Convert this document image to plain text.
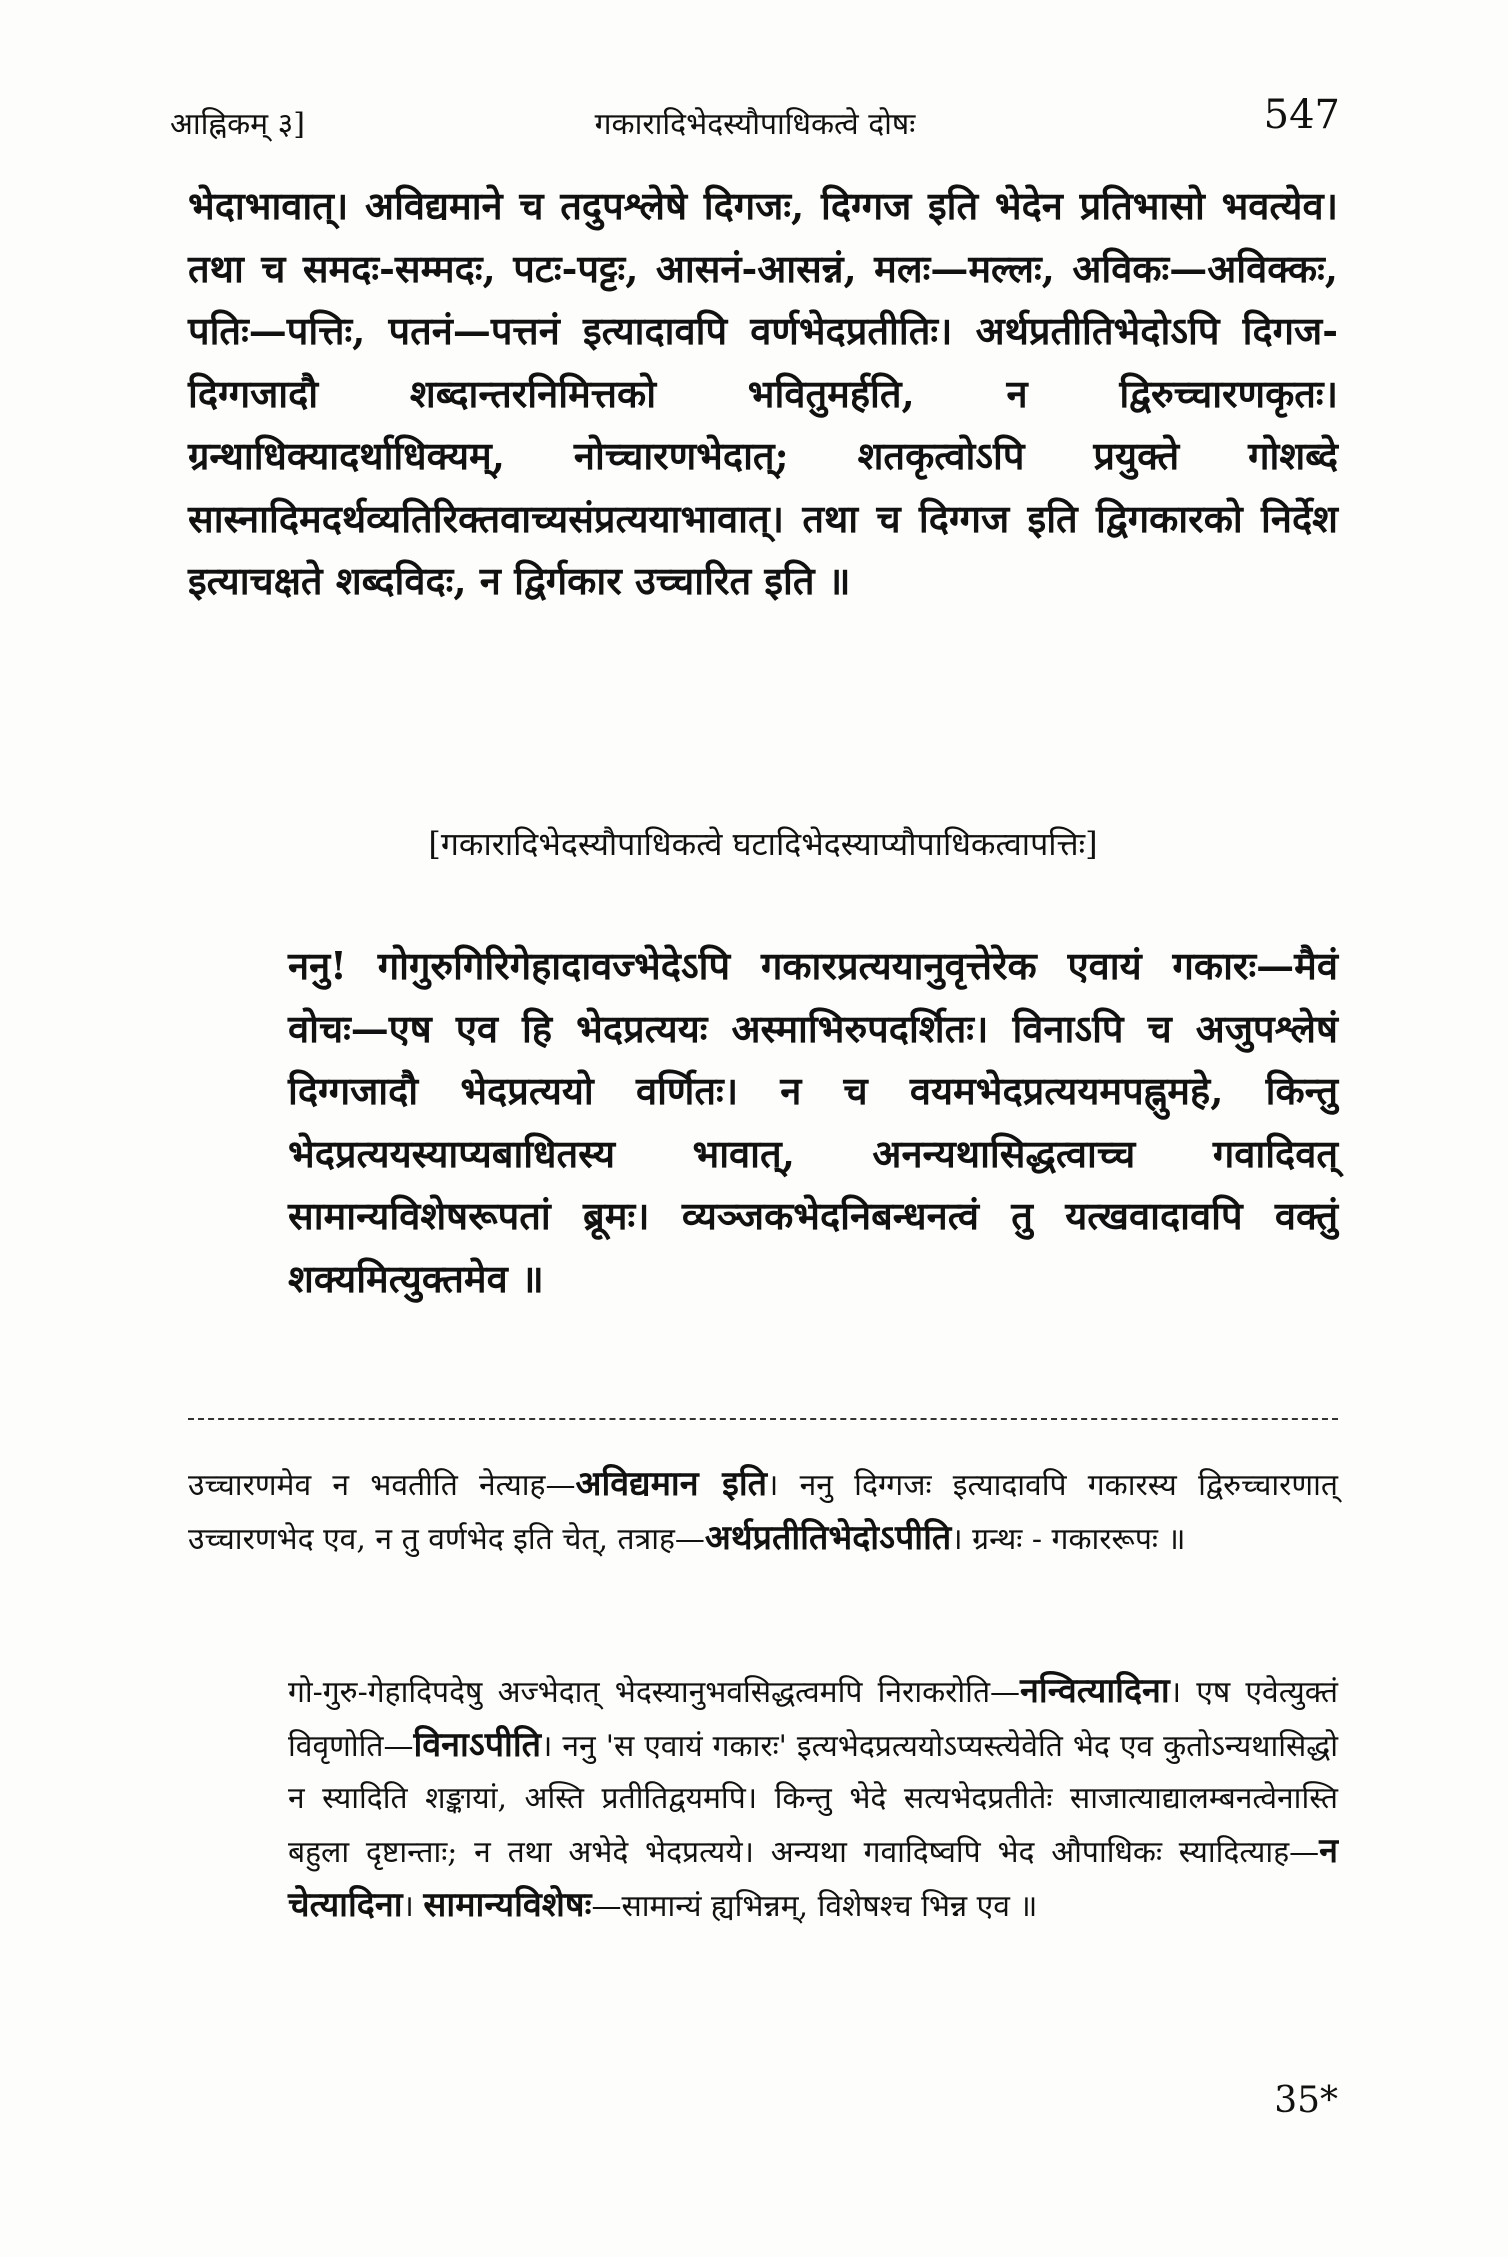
आह्निकम् ३]	गकारादिभेदस्यौपाधिकत्वे दोषः	547

भेदाभावात्। अविद्यमाने च तदुपश्लेषे दिगजः, दिग्गज इति भेदेन प्रतिभासो भवत्येव। तथा च समदः-सम्मदः, पटः-पट्टः, आसनं-आसन्नं, मलः—मल्लः, अविकः—अविक्कः, पतिः—पत्तिः, पतनं—पत्तनं इत्यादावपि वर्णभेदप्रतीतिः। अर्थप्रतीतिभेदोऽपि दिगज-दिग्गजादौ शब्दान्तरनिमित्तको भवितुमर्हति, न द्विरुच्चारणकृतः। ग्रन्थाधिक्यादर्थाधिक्यम्, नोच्चारणभेदात्; शतकृत्वोऽपि प्रयुक्ते गोशब्दे सास्नादिमदर्थव्यतिरिक्तवाच्यसंप्रत्ययाभावात्। तथा च दिग्गज इति द्विगकारको निर्देश इत्याचक्षते शब्दविदः, न द्विर्गकार उच्चारित इति ॥

[गकारादिभेदस्यौपाधिकत्वे घटादिभेदस्याप्यौपाधिकत्वापत्तिः]

ननु! गोगुरुगिरिगेहादावज्भेदेऽपि गकारप्रत्ययानुवृत्तेरेक एवायं गकारः—मैवं वोचः—एष एव हि भेदप्रत्ययः अस्माभिरुपदर्शितः। विनाऽपि च अजुपश्लेषं दिग्गजादौ भेदप्रत्ययो वर्णितः। न च वयमभेदप्रत्ययमपह्नुमहे, किन्तु भेदप्रत्ययस्याप्यबाधितस्य भावात्, अनन्यथासिद्धत्वाच्च गवादिवत् सामान्यविशेषरूपतां ब्रूमः। व्यञ्जकभेदनिबन्धनत्वं तु यत्खवादावपि वक्तुं शक्यमित्युक्तमेव ॥

उच्चारणमेव न भवतीति नेत्याह—अविद्यमान इति। ननु दिग्गजः इत्यादावपि गकारस्य द्विरुच्चारणात् उच्चारणभेद एव, न तु वर्णभेद इति चेत्, तत्राह—अर्थप्रतीतिभेदोऽपीति। ग्रन्थः - गकाररूपः ॥

गो-गुरु-गेहादिपदेषु अज्भेदात् भेदस्यानुभवसिद्धत्वमपि निराकरोति—नन्वित्यादिना। एष एवेत्युक्तं विवृणोति—विनाऽपीति। ननु 'स एवायं गकारः' इत्यभेदप्रत्ययोऽप्यस्त्येवेति भेद एव कुतोऽन्यथासिद्धो न स्यादिति शङ्कायां, अस्ति प्रतीतिद्वयमपि। किन्तु भेदे सत्यभेदप्रतीतेः साजात्याद्यालम्बनत्वेनास्ति बहुला दृष्टान्ताः; न तथा अभेदे भेदप्रत्यये। अन्यथा गवादिष्वपि भेद औपाधिकः स्यादित्याह—न चेत्यादिना। सामान्यविशेषः—सामान्यं ह्यभिन्नम्, विशेषश्च भिन्न एव ॥

35*
